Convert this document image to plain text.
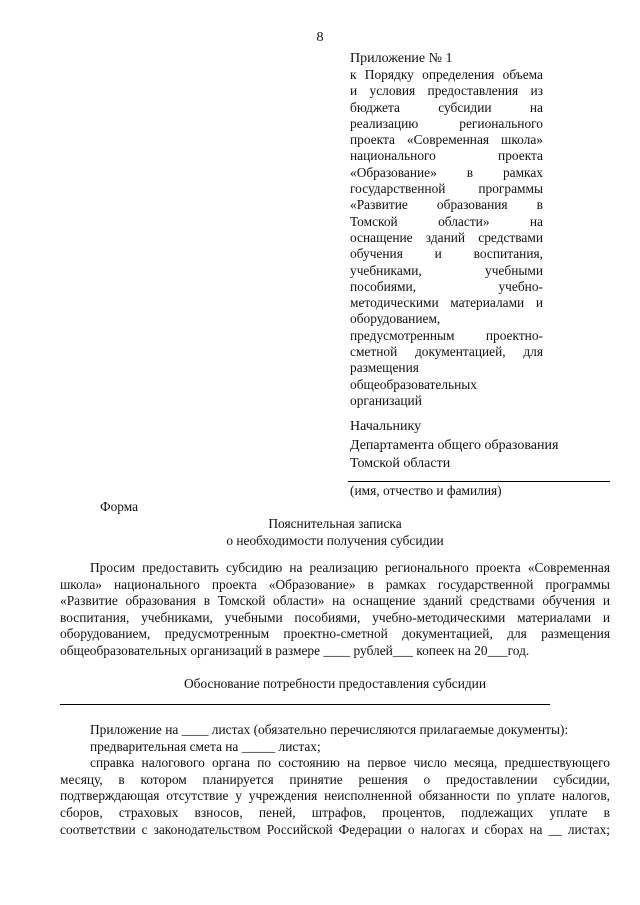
8
Приложение № 1
к Порядку определения объема
и условия предоставления из
бюджета субсидии на
реализацию регионального
проекта «Современная школа»
национального проекта
«Образование» в рамках
государственной программы
«Развитие образования в
Томской области» на
оснащение зданий средствами
обучения и воспитания,
учебниками, учебными
пособиями, учебно-
методическими материалами и
оборудованием,
предусмотренным проектно-
сметной документацией, для
размещения
общеобразовательных
организаций
Начальнику
Департамента общего образования
Томской области
(имя, отчество и фамилия)
Форма
Пояснительная записка
о необходимости получения субсидии
Просим предоставить субсидию на реализацию регионального проекта «Современная
школа» национального проекта «Образование» в рамках государственной программы
«Развитие образования в Томской области» на оснащение зданий средствами обучения и
воспитания, учебниками, учебными пособиями, учебно-методическими материалами и
оборудованием, предусмотренным проектно-сметной документацией, для размещения
общеобразовательных организаций в размере ____ рублей___ копеек на 20___год.
Обоснование потребности предоставления субсидии
Приложение на ____ листах (обязательно перечисляются прилагаемые документы):
предварительная смета на _____ листах;
справка налогового органа по состоянию на первое число месяца, предшествующего
месяцу, в котором планируется принятие решения о предоставлении субсидии,
подтверждающая отсутствие у учреждения неисполненной обязанности по уплате налогов,
сборов, страховых взносов, пеней, штрафов, процентов, подлежащих уплате в
соответствии с законодательством Российской Федерации о налогах и сборах на __ листах;
